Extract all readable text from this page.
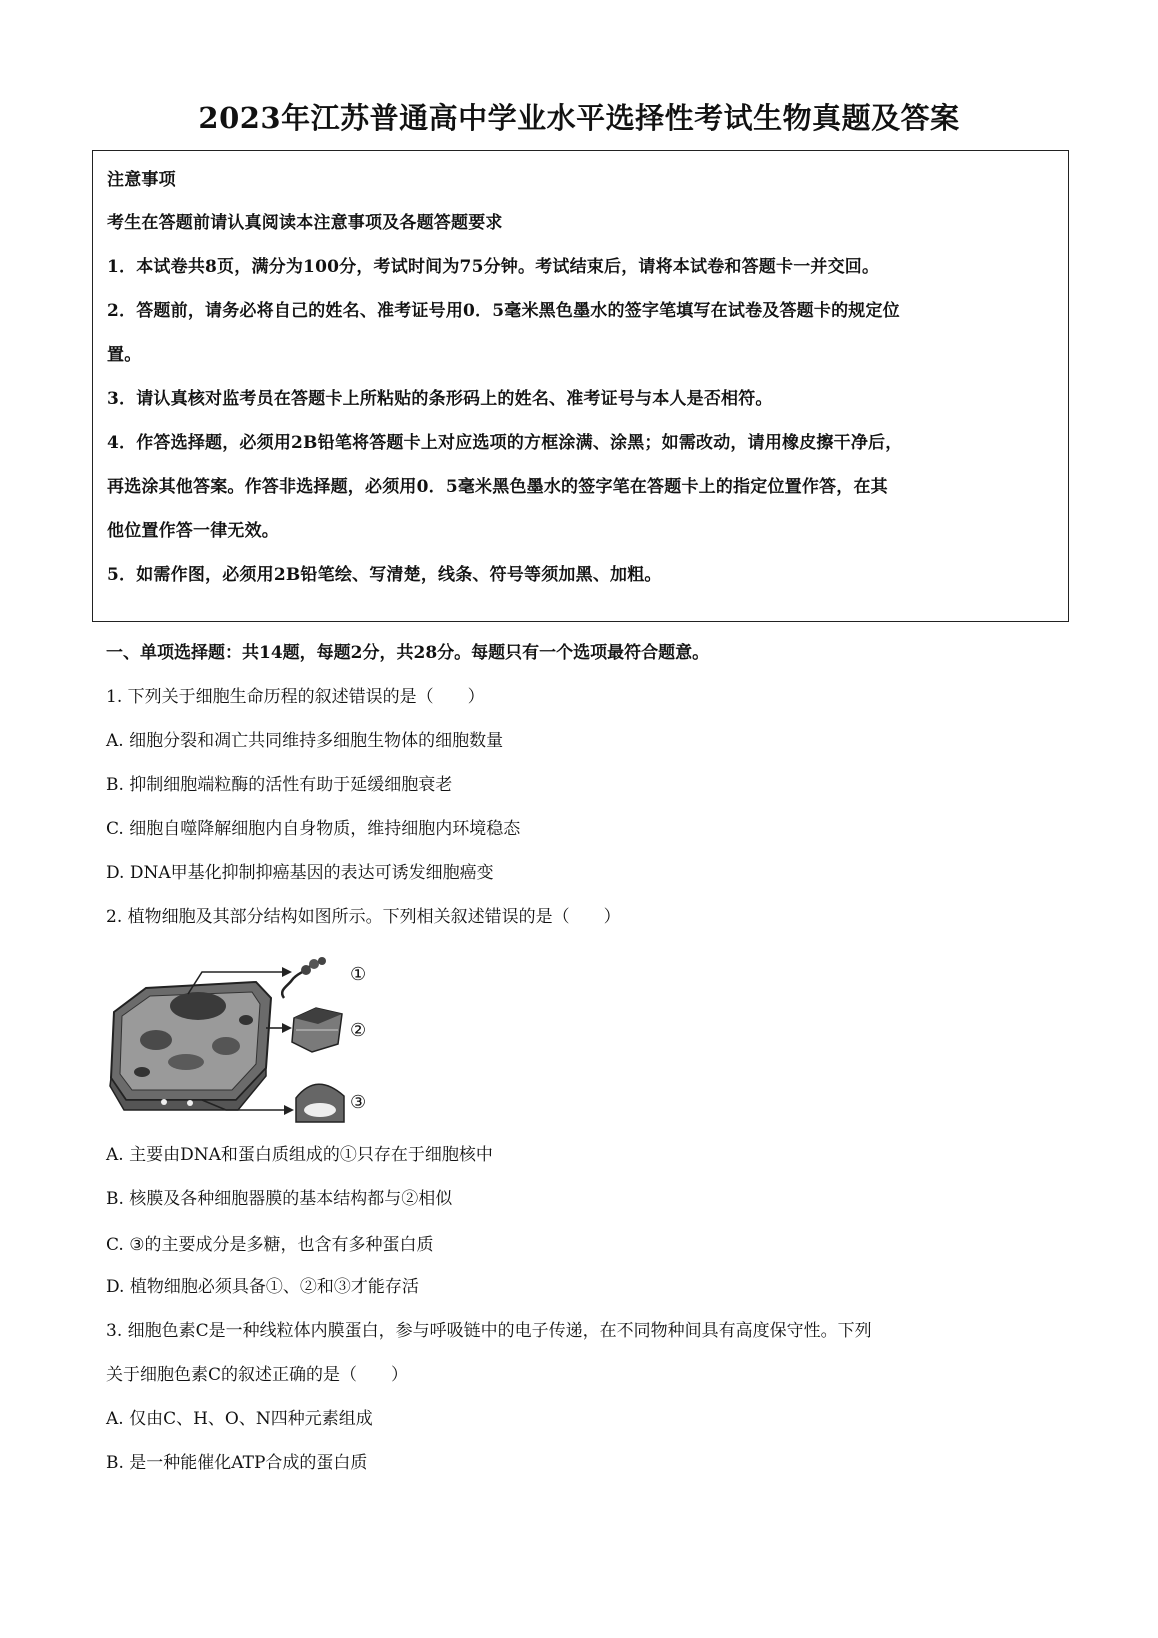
2023年江苏普通高中学业水平选择性考试生物真题及答案
注意事项
考生在答题前请认真阅读本注意事项及各题答题要求
1．本试卷共8页，满分为100分，考试时间为75分钟。考试结束后，请将本试卷和答题卡一并交回。
2．答题前，请务必将自己的姓名、准考证号用0．5毫米黑色墨水的签字笔填写在试卷及答题卡的规定位
置。
3．请认真核对监考员在答题卡上所粘贴的条形码上的姓名、准考证号与本人是否相符。
4．作答选择题，必须用2B铅笔将答题卡上对应选项的方框涂满、涂黑；如需改动，请用橡皮擦干净后，
再选涂其他答案。作答非选择题，必须用0．5毫米黑色墨水的签字笔在答题卡上的指定位置作答，在其
他位置作答一律无效。
5．如需作图，必须用2B铅笔绘、写清楚，线条、符号等须加黑、加粗。
一、单项选择题：共14题，每题2分，共28分。每题只有一个选项最符合题意。
1. 下列关于细胞生命历程的叙述错误的是（　　）
A. 细胞分裂和凋亡共同维持多细胞生物体的细胞数量
B. 抑制细胞端粒酶的活性有助于延缓细胞衰老
C. 细胞自噬降解细胞内自身物质，维持细胞内环境稳态
D. DNA甲基化抑制抑癌基因的表达可诱发细胞癌变
2. 植物细胞及其部分结构如图所示。下列相关叙述错误的是（　　）
①
②
③
A. 主要由DNA和蛋白质组成的①只存在于细胞核中
B. 核膜及各种细胞器膜的基本结构都与②相似
C. ③的主要成分是多糖，也含有多种蛋白质
D. 植物细胞必须具备①、②和③才能存活
3. 细胞色素C是一种线粒体内膜蛋白，参与呼吸链中的电子传递，在不同物种间具有高度保守性。下列
关于细胞色素C的叙述正确的是（　　）
A. 仅由C、H、O、N四种元素组成
B. 是一种能催化ATP合成的蛋白质
